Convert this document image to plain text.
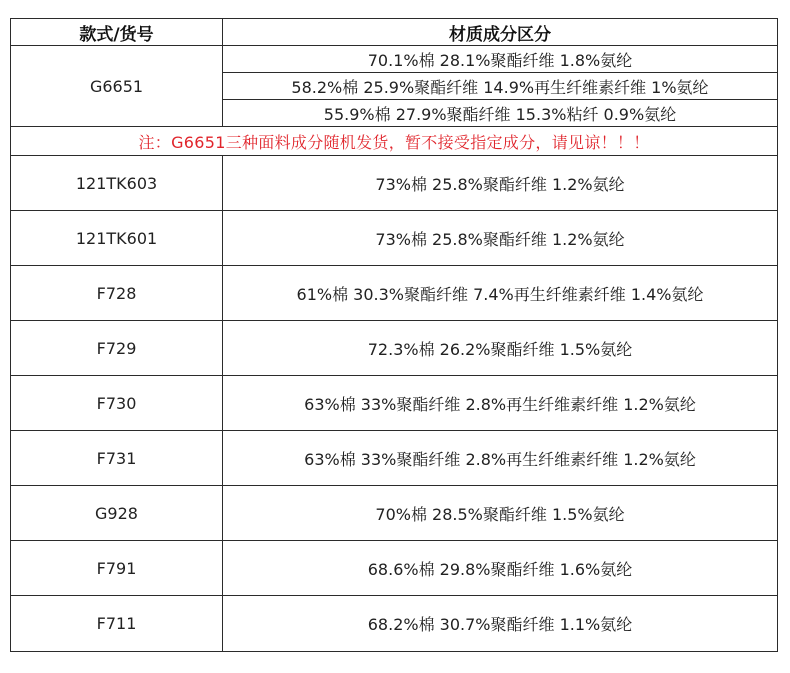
款式/货号	材质成分区分
G6651	70.1%棉 28.1%聚酯纤维 1.8%氨纶
	58.2%棉 25.9%聚酯纤维 14.9%再生纤维素纤维 1%氨纶
	55.9%棉 27.9%聚酯纤维 15.3%粘纤 0.9%氨纶
注：G6651三种面料成分随机发货，暂不接受指定成分，请见谅！！！	
121TK603	73%棉 25.8%聚酯纤维 1.2%氨纶
121TK601	73%棉 25.8%聚酯纤维 1.2%氨纶
F728	61%棉 30.3%聚酯纤维 7.4%再生纤维素纤维 1.4%氨纶
F729	72.3%棉 26.2%聚酯纤维 1.5%氨纶
F730	63%棉 33%聚酯纤维 2.8%再生纤维素纤维 1.2%氨纶
F731	63%棉 33%聚酯纤维 2.8%再生纤维素纤维 1.2%氨纶
G928	70%棉 28.5%聚酯纤维 1.5%氨纶
F791	68.6%棉 29.8%聚酯纤维 1.6%氨纶
F711	68.2%棉 30.7%聚酯纤维 1.1%氨纶
